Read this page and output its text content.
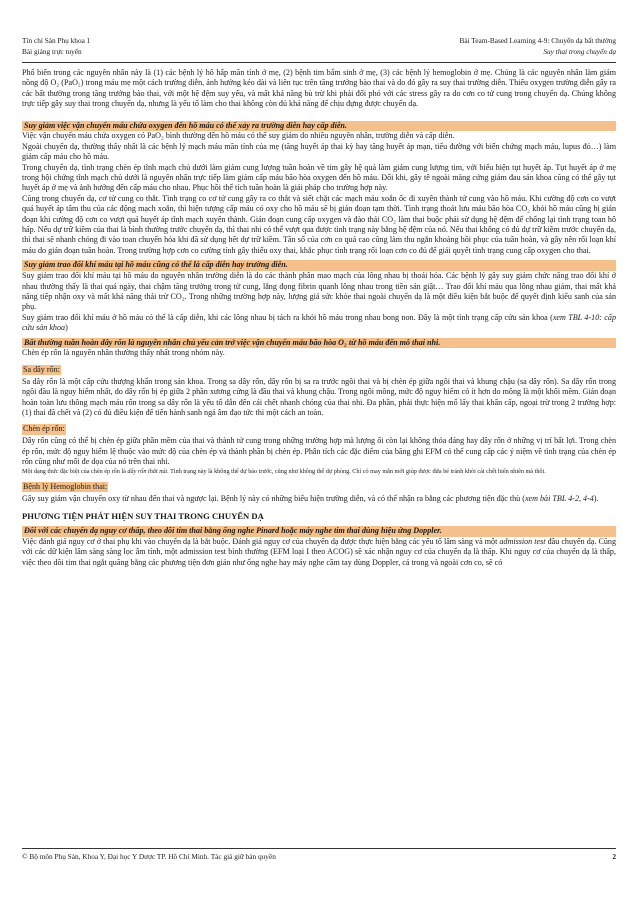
Tín chỉ Sản Phụ khoa 1
Bài giảng trực tuyến
Bài Team-Based Learning 4-9: Chuyển dạ bất thường
Suy thai trong chuyển dạ

Phổ biến trong các nguyên nhân này là (1) các bệnh lý hô hấp mãn tính ở mẹ, (2) bệnh tim bẩm sinh ở mẹ, (3) các bệnh lý hemoglobin ở mẹ. Chúng là các nguyên nhân làm giảm nồng độ O₂ (PaO₂) trong máu mẹ một cách trường diễn, ảnh hưởng kéo dài và liên tục trên tăng trưởng bào thai và do đó gây ra suy thai trường diễn. Thiếu oxygen trường diễn gây ra các bất thường trong tăng trưởng bào thai, với một hệ đệm suy yếu, và mất khả năng bù trừ khi phải đối phó với các stress gây ra do cơn co tử cung trong chuyển dạ. Chúng không trực tiếp gây suy thai trong chuyển dạ, nhưng là yếu tố làm cho thai không còn đủ khả năng để chịu đựng được chuyển dạ.

Suy giảm việc vận chuyển máu chứa oxygen đến hồ máu có thể xảy ra trường diễn hay cấp diễn.

Việc vận chuyển máu chứa oxygen có PaO₂ bình thường đến hồ máu có thể suy giảm do nhiều nguyên nhân, trường diễn và cấp diễn.

Ngoài chuyển dạ, thường thấy nhất là các bệnh lý mạch máu mãn tính của mẹ (tăng huyết áp thai kỳ hay tăng huyết áp mạn, tiểu đường với biến chứng mạch máu, lupus đỏ…) làm giảm cấp máu cho hồ máu.

Trong chuyển dạ, tình trạng chèn ép tĩnh mạch chủ dưới làm giảm cung lượng tuần hoàn về tim gây hệ quả làm giảm cung lượng tim, với biểu hiện tụt huyết áp. Tụt huyết áp ở mẹ trong hội chứng tĩnh mạch chủ dưới là nguyên nhân trực tiếp làm giảm cấp máu bão hòa oxygen đến hồ máu. Đối khi, gây tê ngoài màng cứng giảm đau sản khoa cũng có thể gây tụt huyết áp ở mẹ và ảnh hưởng đến cấp máu cho nhau. Phục hồi thể tích tuần hoàn là giải pháp cho trường hợp này.

Cũng trong chuyển dạ, cơ tử cung co thắt. Tình trạng co cơ tử cung gây ra co thắt và siết chặt các mạch máu xoắn ốc đi xuyên thành tử cung vào hồ máu. Khi cường độ cơn co vượt quá huyết áp tâm thu của các động mạch xoắn, thì hiện tượng cấp máu có oxy cho hồ máu sẽ bị gián đoạn tạm thời. Tình trạng thoát lưu máu bão hòa CO₂ khỏi hồ máu cũng bị gián đoạn khi cường độ cơn co vượt quá huyết áp tĩnh mạch xuyên thành. Gián đoạn cung cấp oxygen và đào thải CO₂ làm thai buộc phải sử dụng hệ đệm để chống lại tình trạng toan hô hấp. Nếu dự trữ kiềm của thai là bình thường trước chuyển dạ, thì thai nhi có thể vượt qua được tình trạng này bằng hệ đệm của nó. Nếu thai không có đủ dự trữ kiềm trước chuyển dạ, thì thai sẽ nhanh chóng đi vào toan chuyển hóa khi đã sử dụng hết dự trữ kiềm. Tần số của cơn co quá cao cũng làm thu ngắn khoảng hồi phục của tuần hoàn, và gây nên rối loạn khí máu do gián đoạn tuần hoàn. Trong trường hợp cơn co cường tính gây thiếu oxy thai, khắc phục tình trạng rối loạn cơn co đủ để giải quyết tình trạng cung cấp oxygen cho thai.

Suy giảm trao đổi khí máu tại hồ máu cũng có thể là cấp diễn hay trường diễn.

Suy giảm trao đổi khí máu tại hồ máu do nguyên nhân trường diễn là do các thành phần mao mạch của lông nhau bị thoái hóa. Các bệnh lý gây suy giảm chức năng trao đổi khí ở nhau thường thấy là thai quá ngày, thai chậm tăng trưởng trong tử cung, lắng đọng fibrin quanh lông nhau trong tiền sản giật… Trao đổi khí máu qua lông nhau giảm, thai mất khả năng tiếp nhận oxy và mất khả năng thải trừ CO₂. Trong những trường hợp này, lượng giá sức khỏe thai ngoài chuyển dạ là một điều kiện bắt buộc để quyết định kiểu sanh của sản phụ.

Suy giảm trao đổi khí máu ở hồ máu có thể là cấp diễn, khi các lông nhau bị tách ra khỏi hồ máu trong nhau bong non. Đây là một tình trạng cấp cứu sản khoa (xem TBL 4-10: cấp cứu sản khoa)

Bất thường tuần hoàn dây rốn là nguyên nhân chủ yếu cản trở việc vận chuyển máu bão hòa O₂ từ hồ máu đến mô thai nhi.

Chèn ép rốn là nguyên nhân thường thấy nhất trong nhóm này.

Sa dây rốn:

Sa dây rốn là một cấp cứu thượng khẩn trong sản khoa. Trong sa dây rốn, dây rốn bị sa ra trước ngôi thai và bị chèn ép giữa ngôi thai và khung chậu (sa dây rốn). Sa dây rốn trong ngôi đầu là nguy hiểm nhất, do dây rốn bị ép giữa 2 phần xương cứng là đầu thai và khung chậu. Trong ngôi mông, mức độ nguy hiểm có ít hơn do mông là một khối mềm. Gián đoạn hoàn toàn lưu thông mạch máu rốn trong sa dây rốn là yếu tố dẫn đến cái chết nhanh chóng của thai nhi. Đa phần, phải thực hiện mổ lấy thai khẩn cấp, ngoại trừ trong 2 trường hợp: (1) thai đã chết và (2) có đủ điều kiện để tiến hành sanh ngả âm đạo tức thì một cách an toàn.

Chèn ép rốn:

Dây rốn cũng có thể bị chèn ép giữa phần mềm của thai và thành tử cung trong những trường hợp mà lượng ối còn lại không thỏa đáng hay dây rốn ở những vị trí bất lợi. Trong chèn ép rốn, mức độ nguy hiểm lệ thuộc vào mức độ của chèn ép và thành phần bị chèn ép. Phân tích các đặc điểm của băng ghi EFM có thể cung cấp các ý niệm về tình trạng của chèn ép rốn cũng như mối đe dọa của nó trên thai nhi.

Một dạng thức đặc biệt của chèn ép rốn là dây rốn thắt nút. Tình trạng này là không thể dự báo trước, cũng như không thể dự phòng. Chỉ có may mắn mới giúp được đứa bé tránh khỏi cái chết hiển nhiên mà thôi.

Bệnh lý Hemoglobin thai:

Gây suy giảm vận chuyển oxy từ nhau đến thai và ngược lại. Bệnh lý này có những biểu hiện trường diễn, và có thể nhận ra bằng các phương tiện đặc thù (xem bài TBL 4-2, 4-4).

PHƯƠNG TIỆN PHÁT HIỆN SUY THAI TRONG CHUYỂN DẠ
Đối với các chuyển dạ nguy cơ thấp, theo dõi tim thai bằng ống nghe Pinard hoặc máy nghe tim thai dùng hiệu ứng Doppler.

Việc đánh giá nguy cơ ở thai phụ khi vào chuyển dạ là bắt buộc. Đánh giá nguy cơ của chuyển dạ được thực hiện bằng các yếu tố lâm sàng và một admission test đầu chuyển dạ. Cũng với các dữ kiện lâm sàng sàng lọc âm tính, một admission test bình thường (EFM loại I theo ACOG) sẽ xác nhận nguy cơ của chuyển dạ là thấp. Khi nguy cơ của chuyển dạ là thấp, việc theo dõi tim thai ngắt quãng bằng các phương tiện đơn giản như ống nghe hay máy nghe cầm tay dùng Doppler, cả trong và ngoài cơn co, sẽ có

© Bộ môn Phụ Sản, Khoa Y, Đại học Y Dược TP. Hồ Chí Minh. Tác giả giữ bản quyền	2
